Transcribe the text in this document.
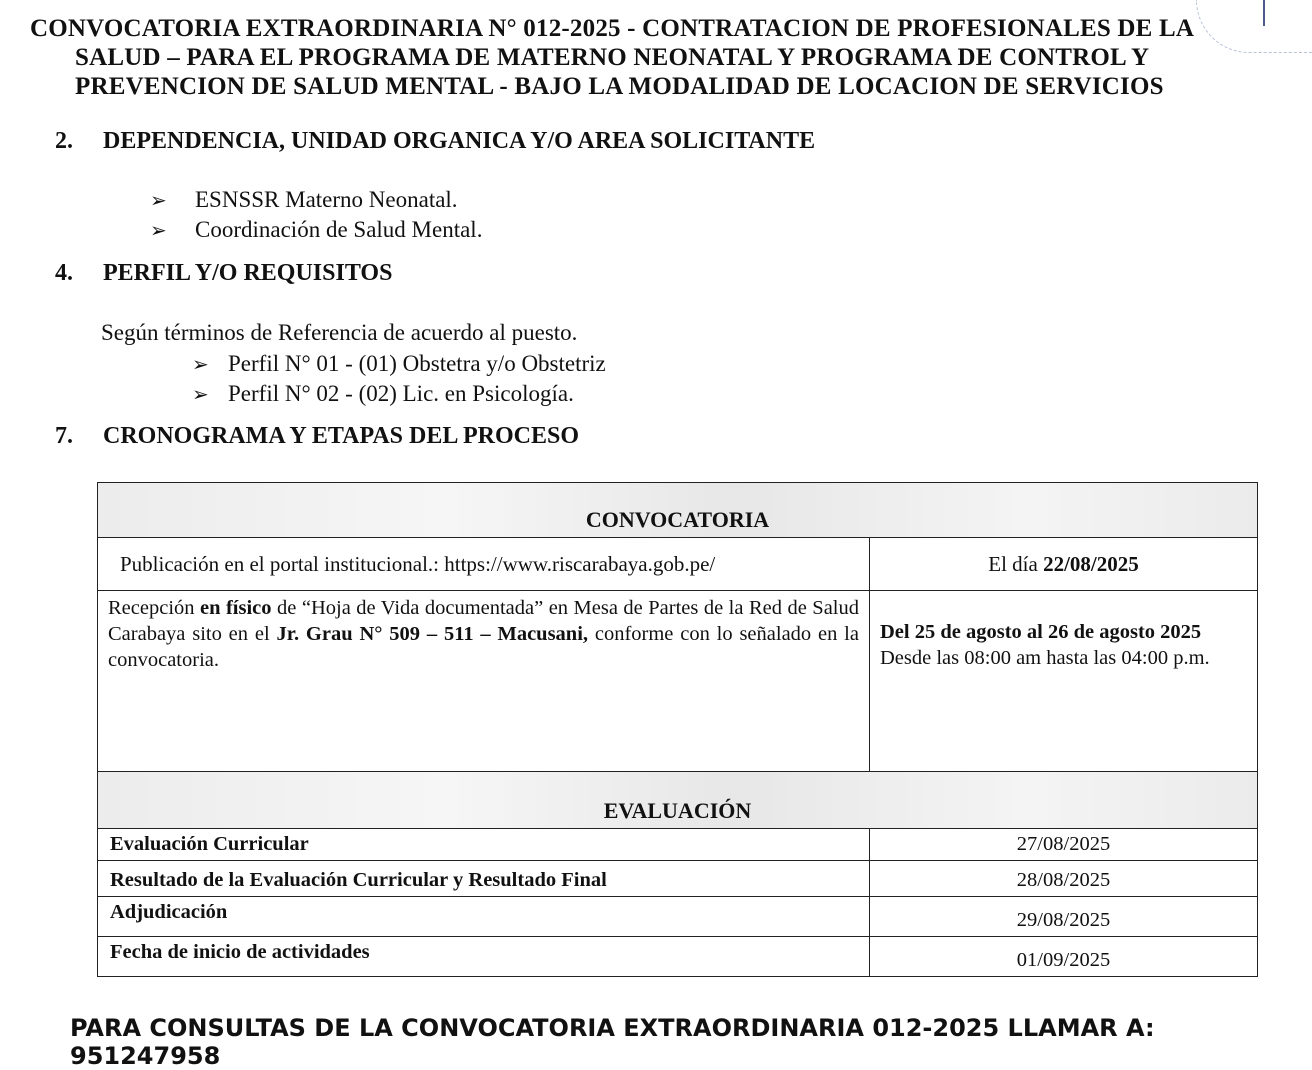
CONVOCATORIA EXTRAORDINARIA N° 012-2025 - CONTRATACION DE PROFESIONALES DE LA
SALUD – PARA EL PROGRAMA DE MATERNO NEONATAL Y PROGRAMA DE CONTROL Y
PREVENCION DE SALUD MENTAL - BAJO LA MODALIDAD DE LOCACION DE SERVICIOS
2.	DEPENDENCIA, UNIDAD ORGANICA Y/O AREA SOLICITANTE
➢	ESNSSR Materno Neonatal.
➢	Coordinación de Salud Mental.
4.	PERFIL Y/O REQUISITOS
Según términos de Referencia de acuerdo al puesto.
➢ Perfil N° 01 - (01) Obstetra y/o Obstetriz
➢ Perfil N° 02 - (02) Lic. en Psicología.
7.	CRONOGRAMA Y ETAPAS DEL PROCESO
CONVOCATORIA	
Publicación en el portal institucional.: https://www.riscarabaya.gob.pe/	El día 22/08/2025
Recepción en físico de “Hoja de Vida documentada” en Mesa de Partes de la Red de Salud Carabaya sito en el Jr. Grau N° 509 – 511 – Macusani, conforme con lo señalado en la convocatoria.	Del 25 de agosto al 26 de agosto 2025
Desde las 08:00 am hasta las 04:00 p.m.

EVALUACIÓN	
Evaluación Curricular	27/08/2025
Resultado de la Evaluación Curricular y Resultado Final	28/08/2025
Adjudicación	29/08/2025
Fecha de inicio de actividades	01/09/2025
PARA CONSULTAS DE LA CONVOCATORIA EXTRAORDINARIA 012-2025 LLAMAR A: 951247958
